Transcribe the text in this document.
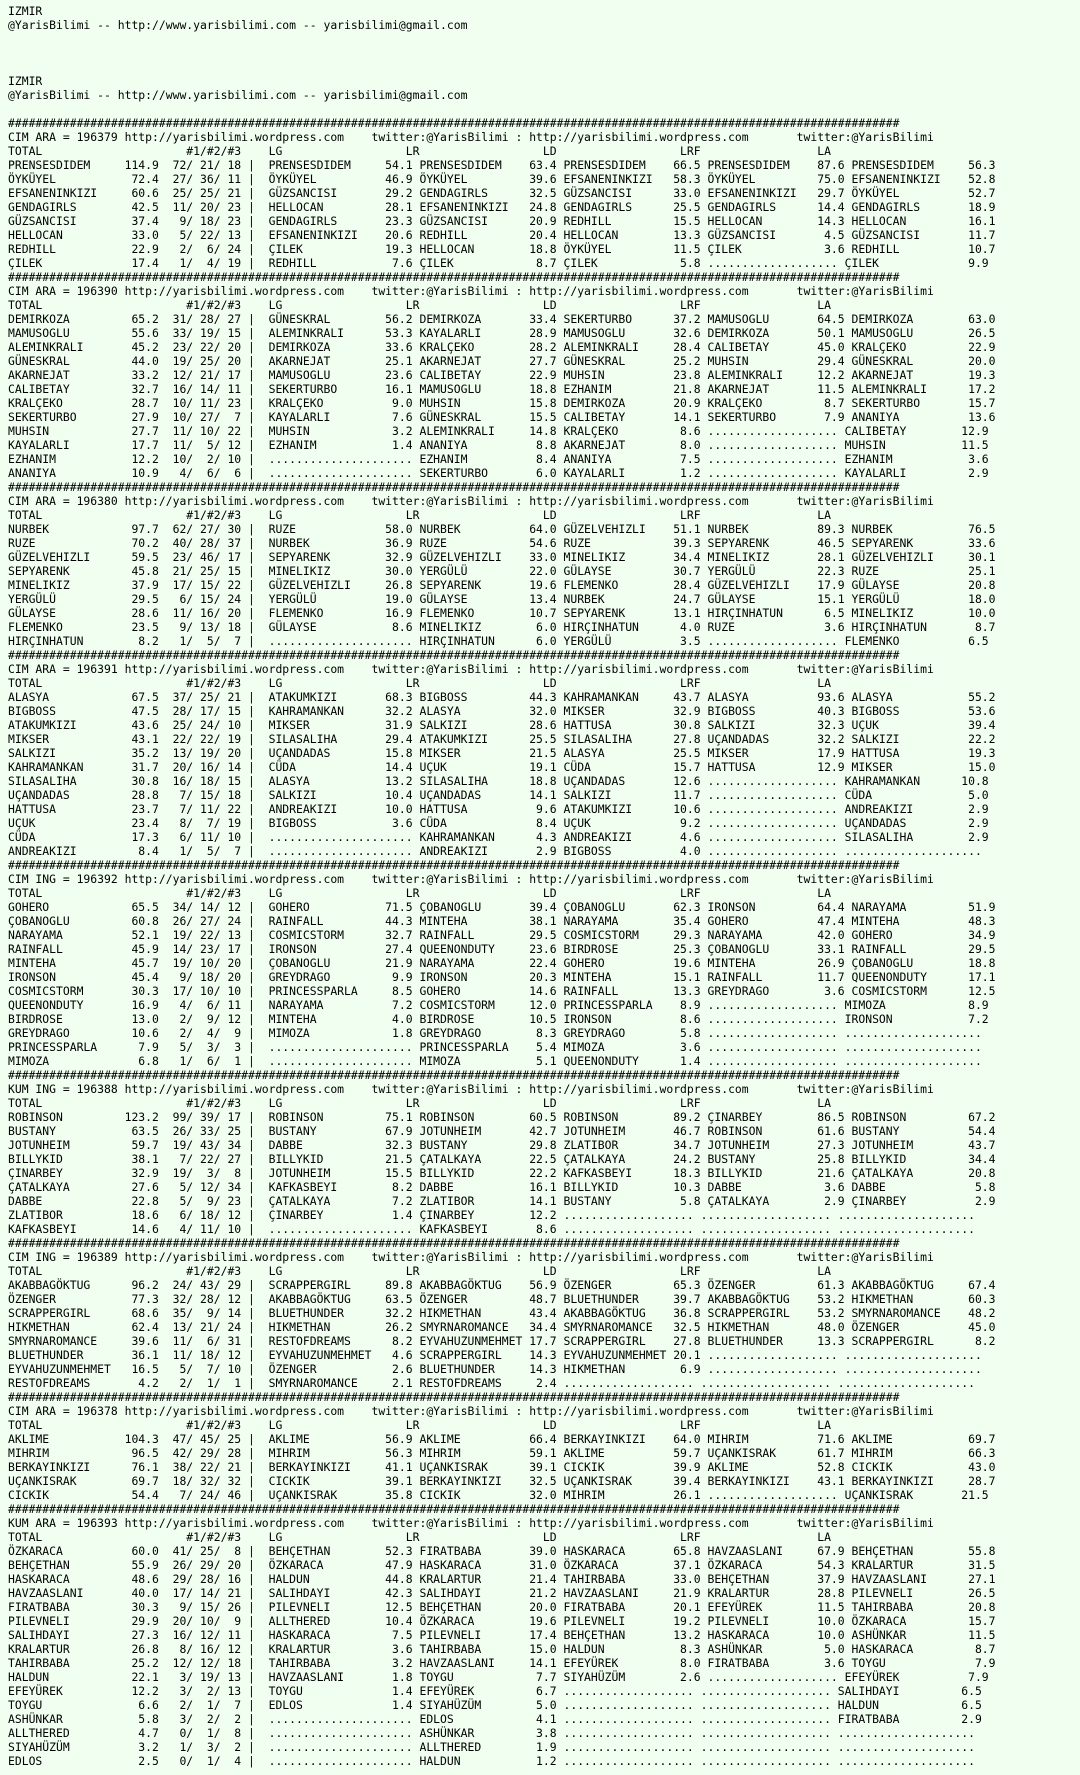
IZMIR
@YarisBilimi -- http://www.yarisbilimi.com -- yarisbilimi@gmail.com
IZMIR
@YarisBilimi -- http://www.yarisbilimi.com -- yarisbilimi@gmail.com
##################################################################################################################################
CIM ARA = 196379 http://yarisbilimi.wordpress.com    twitter:@YarisBilimi : http://yarisbilimi.wordpress.com       twitter:@YarisBilimi
TOTAL                     #1/#2/#3    LG                  LR                  LD                  LRF                 LA
PRENSESDIDEM     114.9  72/ 21/ 18 |  PRENSESDIDEM     54.1 PRENSESDIDEM    63.4 PRENSESDIDEM    66.5 PRENSESDIDEM    87.6 PRENSESDIDEM     56.3
ÖYKÜYEL           72.4  27/ 36/ 11 |  ÖYKÜYEL          46.9 ÖYKÜYEL         39.6 EFSANENINKIZI   58.3 ÖYKÜYEL         75.0 EFSANENINKIZI    52.8
EFSANENINKIZI     60.6  25/ 25/ 21 |  GÜZSANCISI       29.2 GENDAGIRLS      32.5 GÜZSANCISI      33.0 EFSANENINKIZI   29.7 ÖYKÜYEL          52.7
GENDAGIRLS        42.5  11/ 20/ 23 |  HELLOCAN         28.1 EFSANENINKIZI   24.8 GENDAGIRLS      25.5 GENDAGIRLS      14.4 GENDAGIRLS       18.9
GÜZSANCISI        37.4   9/ 18/ 23 |  GENDAGIRLS       23.3 GÜZSANCISI      20.9 REDHILL         15.5 HELLOCAN        14.3 HELLOCAN         16.1
HELLOCAN          33.0   5/ 22/ 13 |  EFSANENINKIZI    20.6 REDHILL         20.4 HELLOCAN        13.3 GÜZSANCISI       4.5 GÜZSANCISI       11.7
REDHILL           22.9   2/  6/ 24 |  ÇILEK            19.3 HELLOCAN        18.8 ÖYKÜYEL         11.5 ÇILEK            3.6 REDHILL          10.7
ÇILEK             17.4   1/  4/ 19 |  REDHILL           7.6 ÇILEK            8.7 ÇILEK            5.8 ................... ÇILEK             9.9
##################################################################################################################################
CIM ARA = 196390 http://yarisbilimi.wordpress.com    twitter:@YarisBilimi : http://yarisbilimi.wordpress.com       twitter:@YarisBilimi
TOTAL                     #1/#2/#3    LG                  LR                  LD                  LRF                 LA
DEMIRKOZA         65.2  31/ 28/ 27 |  GÜNESKRAL        56.2 DEMIRKOZA       33.4 SEKERTURBO      37.2 MAMUSOGLU       64.5 DEMIRKOZA        63.0
MAMUSOGLU         55.6  33/ 19/ 15 |  ALEMINKRALI      53.3 KAYALARLI       28.9 MAMUSOGLU       32.6 DEMIRKOZA       50.1 MAMUSOGLU        26.5
ALEMINKRALI       45.2  23/ 22/ 20 |  DEMIRKOZA        33.6 KRALÇEKO        28.2 ALEMINKRALI     28.4 CALIBETAY       45.0 KRALÇEKO         22.9
GÜNESKRAL         44.0  19/ 25/ 20 |  AKARNEJAT        25.1 AKARNEJAT       27.7 GÜNESKRAL       25.2 MUHSIN          29.4 GÜNESKRAL        20.0
AKARNEJAT         33.2  12/ 21/ 17 |  MAMUSOGLU        23.6 CALIBETAY       22.9 MUHSIN          23.8 ALEMINKRALI     12.2 AKARNEJAT        19.3
CALIBETAY         32.7  16/ 14/ 11 |  SEKERTURBO       16.1 MAMUSOGLU       18.8 EZHANIM         21.8 AKARNEJAT       11.5 ALEMINKRALI      17.2
KRALÇEKO          28.7  10/ 11/ 23 |  KRALÇEKO          9.0 MUHSIN          15.8 DEMIRKOZA       20.9 KRALÇEKO         8.7 SEKERTURBO       15.7
SEKERTURBO        27.9  10/ 27/  7 |  KAYALARLI         7.6 GÜNESKRAL       15.5 CALIBETAY       14.1 SEKERTURBO       7.9 ANANIYA          13.6
MUHSIN            27.7  11/ 10/ 22 |  MUHSIN            3.2 ALEMINKRALI     14.8 KRALÇEKO         8.6 ................... CALIBETAY        12.9
KAYALARLI         17.7  11/  5/ 12 |  EZHANIM           1.4 ANANIYA          8.8 AKARNEJAT        8.0 ................... MUHSIN           11.5
EZHANIM           12.2  10/  2/ 10 |  ..................... EZHANIM          8.4 ANANIYA          7.5 ................... EZHANIM           3.6
ANANIYA           10.9   4/  6/  6 |  ..................... SEKERTURBO       6.0 KAYALARLI        1.2 ................... KAYALARLI         2.9
##################################################################################################################################
CIM ARA = 196380 http://yarisbilimi.wordpress.com    twitter:@YarisBilimi : http://yarisbilimi.wordpress.com       twitter:@YarisBilimi
TOTAL                     #1/#2/#3    LG                  LR                  LD                  LRF                 LA
NURBEK            97.7  62/ 27/ 30 |  RUZE             58.0 NURBEK          64.0 GÜZELVEHIZLI    51.1 NURBEK          89.3 NURBEK           76.5
RUZE              70.2  40/ 28/ 37 |  NURBEK           36.9 RUZE            54.6 RUZE            39.3 SEPYARENK       46.5 SEPYARENK        33.6
GÜZELVEHIZLI      59.5  23/ 46/ 17 |  SEPYARENK        32.9 GÜZELVEHIZLI    33.0 MINELIKIZ       34.4 MINELIKIZ       28.1 GÜZELVEHIZLI     30.1
SEPYARENK         45.8  21/ 25/ 15 |  MINELIKIZ        30.0 YERGÜLÜ         22.0 GÜLAYSE         30.7 YERGÜLÜ         22.3 RUZE             25.1
MINELIKIZ         37.9  17/ 15/ 22 |  GÜZELVEHIZLI     26.8 SEPYARENK       19.6 FLEMENKO        28.4 GÜZELVEHIZLI    17.9 GÜLAYSE          20.8
YERGÜLÜ           29.5   6/ 15/ 24 |  YERGÜLÜ          19.0 GÜLAYSE         13.4 NURBEK          24.7 GÜLAYSE         15.1 YERGÜLÜ          18.0
GÜLAYSE           28.6  11/ 16/ 20 |  FLEMENKO         16.9 FLEMENKO        10.7 SEPYARENK       13.1 HIRÇINHATUN      6.5 MINELIKIZ        10.0
FLEMENKO          23.5   9/ 13/ 18 |  GÜLAYSE           8.6 MINELIKIZ        6.0 HIRÇINHATUN      4.0 RUZE             3.6 HIRÇINHATUN       8.7
HIRÇINHATUN        8.2   1/  5/  7 |  ..................... HIRÇINHATUN      6.0 YERGÜLÜ          3.5 ................... FLEMENKO          6.5
##################################################################################################################################
CIM ARA = 196391 http://yarisbilimi.wordpress.com    twitter:@YarisBilimi : http://yarisbilimi.wordpress.com       twitter:@YarisBilimi
TOTAL                     #1/#2/#3    LG                  LR                  LD                  LRF                 LA
ALASYA            67.5  37/ 25/ 21 |  ATAKUMKIZI       68.3 BIGBOSS         44.3 KAHRAMANKAN     43.7 ALASYA          93.6 ALASYA           55.2
BIGBOSS           47.5  28/ 17/ 15 |  KAHRAMANKAN      32.2 ALASYA          32.0 MIKSER          32.9 BIGBOSS         40.3 BIGBOSS          53.6
ATAKUMKIZI        43.6  25/ 24/ 10 |  MIKSER           31.9 SALKIZI         28.6 HATTUSA         30.8 SALKIZI         32.3 UÇUK             39.4
MIKSER            43.1  22/ 22/ 19 |  SILASALIHA       29.4 ATAKUMKIZI      25.5 SILASALIHA      27.8 UÇANDADAS       32.2 SALKIZI          22.2
SALKIZI           35.2  13/ 19/ 20 |  UÇANDADAS        15.8 MIKSER          21.5 ALASYA          25.5 MIKSER          17.9 HATTUSA          19.3
KAHRAMANKAN       31.7  20/ 16/ 14 |  CÜDA             14.4 UÇUK            19.1 CÜDA            15.7 HATTUSA         12.9 MIKSER           15.0
SILASALIHA        30.8  16/ 18/ 15 |  ALASYA           13.2 SILASALIHA      18.8 UÇANDADAS       12.6 ................... KAHRAMANKAN      10.8
UÇANDADAS         28.8   7/ 15/ 18 |  SALKIZI          10.4 UÇANDADAS       14.1 SALKIZI         11.7 ................... CÜDA              5.0
HATTUSA           23.7   7/ 11/ 22 |  ANDREAKIZI       10.0 HATTUSA          9.6 ATAKUMKIZI      10.6 ................... ANDREAKIZI        2.9
UÇUK              23.4   8/  7/ 19 |  BIGBOSS           3.6 CÜDA             8.4 UÇUK             9.2 ................... UÇANDADAS         2.9
CÜDA              17.3   6/ 11/ 10 |  ..................... KAHRAMANKAN      4.3 ANDREAKIZI       4.6 ................... SILASALIHA        2.9
ANDREAKIZI         8.4   1/  5/  7 |  ..................... ANDREAKIZI       2.9 BIGBOSS          4.0 ................... ....................
##################################################################################################################################
CIM ING = 196392 http://yarisbilimi.wordpress.com    twitter:@YarisBilimi : http://yarisbilimi.wordpress.com       twitter:@YarisBilimi
TOTAL                     #1/#2/#3    LG                  LR                  LD                  LRF                 LA
GOHERO            65.5  34/ 14/ 12 |  GOHERO           71.5 ÇOBANOGLU       39.4 ÇOBANOGLU       62.3 IRONSON         64.4 NARAYAMA         51.9
ÇOBANOGLU         60.8  26/ 27/ 24 |  RAINFALL         44.3 MINTEHA         38.1 NARAYAMA        35.4 GOHERO          47.4 MINTEHA          48.3
NARAYAMA          52.1  19/ 22/ 13 |  COSMICSTORM      32.7 RAINFALL        29.5 COSMICSTORM     29.3 NARAYAMA        42.0 GOHERO           34.9
RAINFALL          45.9  14/ 23/ 17 |  IRONSON          27.4 QUEENONDUTY     23.6 BIRDROSE        25.3 ÇOBANOGLU       33.1 RAINFALL         29.5
MINTEHA           45.7  19/ 10/ 20 |  ÇOBANOGLU        21.9 NARAYAMA        22.4 GOHERO          19.6 MINTEHA         26.9 ÇOBANOGLU        18.8
IRONSON           45.4   9/ 18/ 20 |  GREYDRAGO         9.9 IRONSON         20.3 MINTEHA         15.1 RAINFALL        11.7 QUEENONDUTY      17.1
COSMICSTORM       30.3  17/ 10/ 10 |  PRINCESSPARLA     8.5 GOHERO          14.6 RAINFALL        13.3 GREYDRAGO        3.6 COSMICSTORM      12.5
QUEENONDUTY       16.9   4/  6/ 11 |  NARAYAMA          7.2 COSMICSTORM     12.0 PRINCESSPARLA    8.9 ................... MIMOZA            8.9
BIRDROSE          13.0   2/  9/ 12 |  MINTEHA           4.0 BIRDROSE        10.5 IRONSON          8.6 ................... IRONSON           7.2
GREYDRAGO         10.6   2/  4/  9 |  MIMOZA            1.8 GREYDRAGO        8.3 GREYDRAGO        5.8 ................... ....................
PRINCESSPARLA      7.9   5/  3/  3 |  ..................... PRINCESSPARLA    5.4 MIMOZA           3.6 ................... ....................
MIMOZA             6.8   1/  6/  1 |  ..................... MIMOZA           5.1 QUEENONDUTY      1.4 ................... ....................
##################################################################################################################################
KUM ING = 196388 http://yarisbilimi.wordpress.com    twitter:@YarisBilimi : http://yarisbilimi.wordpress.com       twitter:@YarisBilimi
TOTAL                     #1/#2/#3    LG                  LR                  LD                  LRF                 LA
ROBINSON         123.2  99/ 39/ 17 |  ROBINSON         75.1 ROBINSON        60.5 ROBINSON        89.2 ÇINARBEY        86.5 ROBINSON         67.2
BUSTANY           63.5  26/ 33/ 25 |  BUSTANY          67.9 JOTUNHEIM       42.7 JOTUNHEIM       46.7 ROBINSON        61.6 BUSTANY          54.4
JOTUNHEIM         59.7  19/ 43/ 34 |  DABBE            32.3 BUSTANY         29.8 ZLATIBOR        34.7 JOTUNHEIM       27.3 JOTUNHEIM        43.7
BILLYKID          38.1   7/ 22/ 27 |  BILLYKID         21.5 ÇATALKAYA       22.5 ÇATALKAYA       24.2 BUSTANY         25.8 BILLYKID         34.4
ÇINARBEY          32.9  19/  3/  8 |  JOTUNHEIM        15.5 BILLYKID        22.2 KAFKASBEYI      18.3 BILLYKID        21.6 ÇATALKAYA        20.8
ÇATALKAYA         27.6   5/ 12/ 34 |  KAFKASBEYI        8.2 DABBE           16.1 BILLYKID        10.3 DABBE            3.6 DABBE             5.8
DABBE             22.8   5/  9/ 23 |  ÇATALKAYA         7.2 ZLATIBOR        14.1 BUSTANY          5.8 ÇATALKAYA        2.9 ÇINARBEY          2.9
ZLATIBOR          18.6   6/ 18/ 12 |  ÇINARBEY          1.4 ÇINARBEY        12.2 ................... ................... ....................
KAFKASBEYI        14.6   4/ 11/ 10 |  ..................... KAFKASBEYI       8.6 ................... ................... ....................
##################################################################################################################################
CIM ING = 196389 http://yarisbilimi.wordpress.com    twitter:@YarisBilimi : http://yarisbilimi.wordpress.com       twitter:@YarisBilimi
TOTAL                     #1/#2/#3    LG                  LR                  LD                  LRF                 LA
AKABBAGÖKTUG      96.2  24/ 43/ 29 |  SCRAPPERGIRL     89.8 AKABBAGÖKTUG    56.9 ÖZENGER         65.3 ÖZENGER         61.3 AKABBAGÖKTUG     67.4
ÖZENGER           77.3  32/ 28/ 12 |  AKABBAGÖKTUG     63.5 ÖZENGER         48.7 BLUETHUNDER     39.7 AKABBAGÖKTUG    53.2 HIKMETHAN        60.3
SCRAPPERGIRL      68.6  35/  9/ 14 |  BLUETHUNDER      32.2 HIKMETHAN       43.4 AKABBAGÖKTUG    36.8 SCRAPPERGIRL    53.2 SMYRNAROMANCE    48.2
HIKMETHAN         62.4  13/ 21/ 24 |  HIKMETHAN        26.2 SMYRNAROMANCE   34.4 SMYRNAROMANCE   32.5 HIKMETHAN       48.0 ÖZENGER          45.0
SMYRNAROMANCE     39.6  11/  6/ 31 |  RESTOFDREAMS      8.2 EYVAHUZUNMEHMET 17.7 SCRAPPERGIRL    27.8 BLUETHUNDER     13.3 SCRAPPERGIRL      8.2
BLUETHUNDER       36.1  11/ 18/ 12 |  EYVAHUZUNMEHMET   4.6 SCRAPPERGIRL    14.3 EYVAHUZUNMEHMET 20.1 ................... ....................
EYVAHUZUNMEHMET   16.5   5/  7/ 10 |  ÖZENGER           2.6 BLUETHUNDER     14.3 HIKMETHAN        6.9 ................... ....................
RESTOFDREAMS       4.2   2/  1/  1 |  SMYRNAROMANCE     2.1 RESTOFDREAMS     2.4 ................... ................... ....................
##################################################################################################################################
CIM ARA = 196378 http://yarisbilimi.wordpress.com    twitter:@YarisBilimi : http://yarisbilimi.wordpress.com       twitter:@YarisBilimi
TOTAL                     #1/#2/#3    LG                  LR                  LD                  LRF                 LA
AKLIME           104.3  47/ 45/ 25 |  AKLIME           56.9 AKLIME          66.4 BERKAYINKIZI    64.0 MIHRIM          71.6 AKLIME           69.7
MIHRIM            96.5  42/ 29/ 28 |  MIHRIM           56.3 MIHRIM          59.1 AKLIME          59.7 UÇANKISRAK      61.7 MIHRIM           66.3
BERKAYINKIZI      76.1  38/ 22/ 21 |  BERKAYINKIZI     41.1 UÇANKISRAK      39.1 CICKIK          39.9 AKLIME          52.8 CICKIK           43.0
UÇANKISRAK        69.7  18/ 32/ 32 |  CICKIK           39.1 BERKAYINKIZI    32.5 UÇANKISRAK      39.4 BERKAYINKIZI    43.1 BERKAYINKIZI     28.7
CICKIK            54.4   7/ 24/ 46 |  UÇANKISRAK       35.8 CICKIK          32.0 MIHRIM          26.1 ................... UÇANKISRAK       21.5
##################################################################################################################################
KUM ARA = 196393 http://yarisbilimi.wordpress.com    twitter:@YarisBilimi : http://yarisbilimi.wordpress.com       twitter:@YarisBilimi
TOTAL                     #1/#2/#3    LG                  LR                  LD                  LRF                 LA
ÖZKARACA          60.0  41/ 25/  8 |  BEHÇETHAN        52.3 FIRATBABA       39.0 HASKARACA       65.8 HAVZAASLANI     67.9 BEHÇETHAN        55.8
BEHÇETHAN         55.9  26/ 29/ 20 |  ÖZKARACA         47.9 HASKARACA       31.0 ÖZKARACA        37.1 ÖZKARACA        54.3 KRALARTUR        31.5
HASKARACA         48.6  29/ 28/ 16 |  HALDUN           44.8 KRALARTUR       21.4 TAHIRBABA       33.0 BEHÇETHAN       37.9 HAVZAASLANI      27.1
HAVZAASLANI       40.0  17/ 14/ 21 |  SALIHDAYI        42.3 SALIHDAYI       21.2 HAVZAASLANI     21.9 KRALARTUR       28.8 PILEVNELI        26.5
FIRATBABA         30.3   9/ 15/ 26 |  PILEVNELI        12.5 BEHÇETHAN       20.0 FIRATBABA       20.1 EFEYÜREK        11.5 TAHIRBABA        20.8
PILEVNELI         29.9  20/ 10/  9 |  ALLTHERED        10.4 ÖZKARACA        19.6 PILEVNELI       19.2 PILEVNELI       10.0 ÖZKARACA         15.7
SALIHDAYI         27.3  16/ 12/ 11 |  HASKARACA         7.5 PILEVNELI       17.4 BEHÇETHAN       13.2 HASKARACA       10.0 ASHÜNKAR         11.5
KRALARTUR         26.8   8/ 16/ 12 |  KRALARTUR         3.6 TAHIRBABA       15.0 HALDUN           8.3 ASHÜNKAR         5.0 HASKARACA         8.7
TAHIRBABA         25.2  12/ 12/ 18 |  TAHIRBABA         3.2 HAVZAASLANI     14.1 EFEYÜREK         8.0 FIRATBABA        3.6 TOYGU             7.9
HALDUN            22.1   3/ 19/ 13 |  HAVZAASLANI       1.8 TOYGU            7.7 SIYAHÜZÜM        2.6 ................... EFEYÜREK          7.9
EFEYÜREK          12.2   3/  2/ 13 |  TOYGU             1.4 EFEYÜREK         6.7 ................... ................... SALIHDAYI         6.5
TOYGU              6.6   2/  1/  7 |  EDLOS             1.4 SIYAHÜZÜM        5.0 ................... ................... HALDUN            6.5
ASHÜNKAR           5.8   3/  2/  2 |  ..................... EDLOS            4.1 ................... ................... FIRATBABA         2.9
ALLTHERED          4.7   0/  1/  8 |  ..................... ASHÜNKAR         3.8 ................... ................... ....................
SIYAHÜZÜM          3.2   1/  3/  2 |  ..................... ALLTHERED        1.9 ................... ................... ....................
EDLOS              2.5   0/  1/  4 |  ..................... HALDUN           1.2 ................... ................... ....................
